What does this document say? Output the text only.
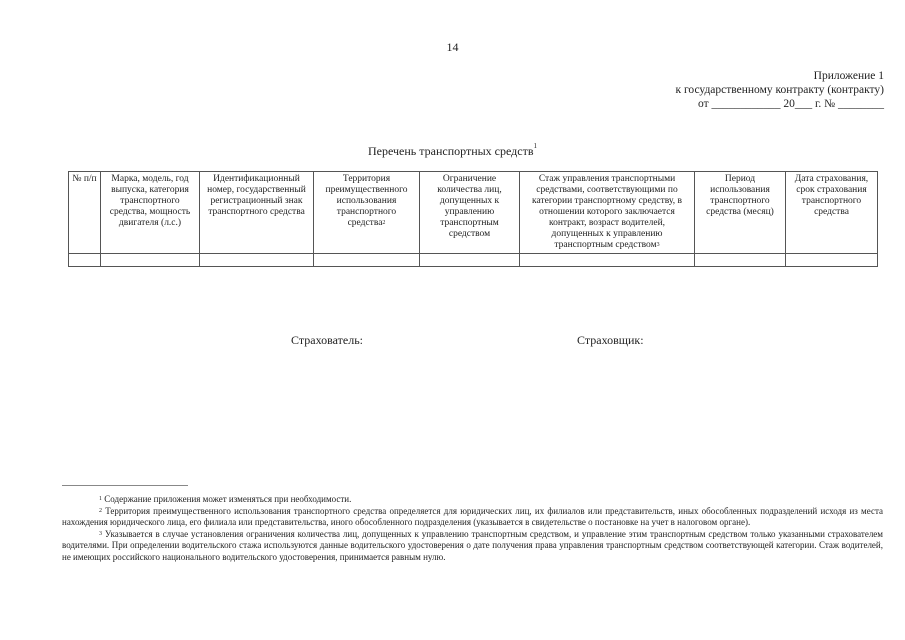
14
Приложение 1
к государственному контракту (контракту)
от ____________ 20___ г. № ________
Перечень транспортных средств$^1$
№ п/п	Марка, модель, год выпуска, категория транспортного средства, мощность двигателя (л.с.)	Идентификационный номер, государственный регистрационный знак транспортного средства	Территория преимущественного использования транспортного средства$^2$	Ограничение количества лиц, допущенных к управлению транспортным средством	Стаж управления транспортными средствами, соответствующими по категории транспортному средству, в отношении которого заключается контракт, возраст водителей, допущенных к управлению транспортным средством$^3$	Период использования транспортного средства (месяц)	Дата страхования, срок страхования транспортного средства

Страхователь:	Страховщик:

$^1$ Содержание приложения может изменяться при необходимости.

$^2$ Территория преимущественного использования транспортного средства определяется для юридических лиц, их филиалов или представительств, иных обособленных подразделений исходя из места нахождения юридического лица, его филиала или представительства, иного обособленного подразделения (указывается в свидетельстве о постановке на учет в налоговом органе).

$^3$ Указывается в случае установления ограничения количества лиц, допущенных к управлению транспортным средством, и управление этим транспортным средством только указанными страхователем водителями. При определении водительского стажа используются данные водительского удостоверения о дате получения права управления транспортным средством соответствующей категории. Стаж водителей, не имеющих российского национального водительского удостоверения, принимается равным нулю.
